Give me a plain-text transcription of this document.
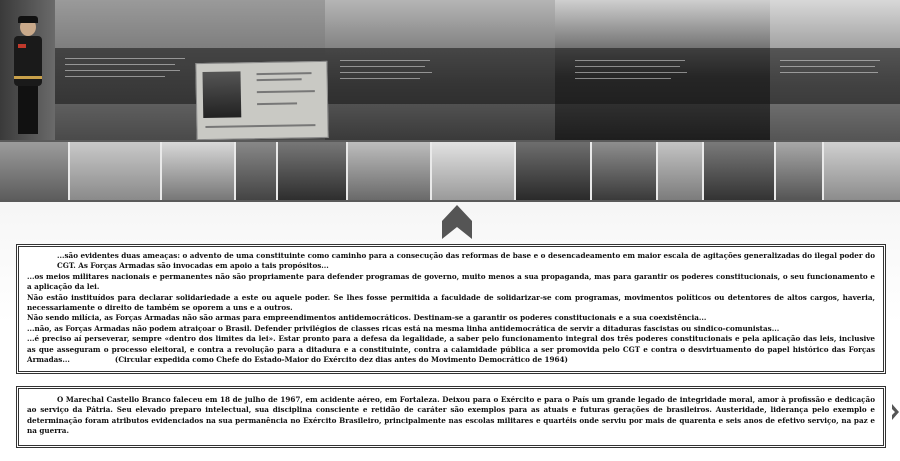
...são evidentes duas ameaças: o advento de uma constituinte como caminho para a consecução das reformas de base e o desencadeamento em maior escala de agitações generalizadas do ilegal poder do CGT. As Forças Armadas são invocadas em apoio a tais propósitos...

...os meios militares nacionais e permanentes não são propriamente para defender programas de governo, muito menos a sua propaganda, mas para garantir os poderes constitucionais, o seu funcionamento e a aplicação da lei.

Não estão instituídos para declarar solidariedade a este ou aquele poder. Se lhes fosse permitida a faculdade de solidarizar-se com programas, movimentos políticos ou detentores de altos cargos, haveria, necessariamente o direito de também se oporem a uns e a outros.

Não sendo milícia, as Forças Armadas não são armas para empreendimentos antidemocráticos. Destinam-se a garantir os poderes constitucionais e a sua coexistência...

...não, as Forças Armadas não podem atraiçoar o Brasil. Defender privilégios de classes ricas está na mesma linha antidemocrática de servir a ditaduras fascistas ou sindico-comunistas...

...é preciso aí perseverar, sempre «dentro dos limites da lei». Estar pronto para a defesa da legalidade, a saber pelo funcionamento integral dos três poderes constitucionais e pela aplicação das leis, inclusive as que asseguram o processo eleitoral, e contra a revolução para a ditadura e a constituinte, contra a calamidade pública a ser promovida pelo CGT e contra o desvirtuamento do papel histórico das Forças Armadas...	(Circular expedida como Chefe do Estado-Maior do Exército dez dias antes do Movimento Democrático de 1964)

O Marechal Castello Branco faleceu em 18 de julho de 1967, em acidente aéreo, em Fortaleza. Deixou para o Exército e para o País um grande legado de integridade moral, amor à profissão e dedicação ao serviço da Pátria. Seu elevado preparo intelectual, sua disciplina consciente e retidão de caráter são exemplos para as atuais e futuras gerações de brasileiros. Austeridade, liderança pelo exemplo e determinação foram atributos evidenciados na sua permanência no Exército Brasileiro, principalmente nas escolas militares e quartéis onde serviu por mais de quarenta e seis anos de efetivo serviço, na paz e na guerra.
